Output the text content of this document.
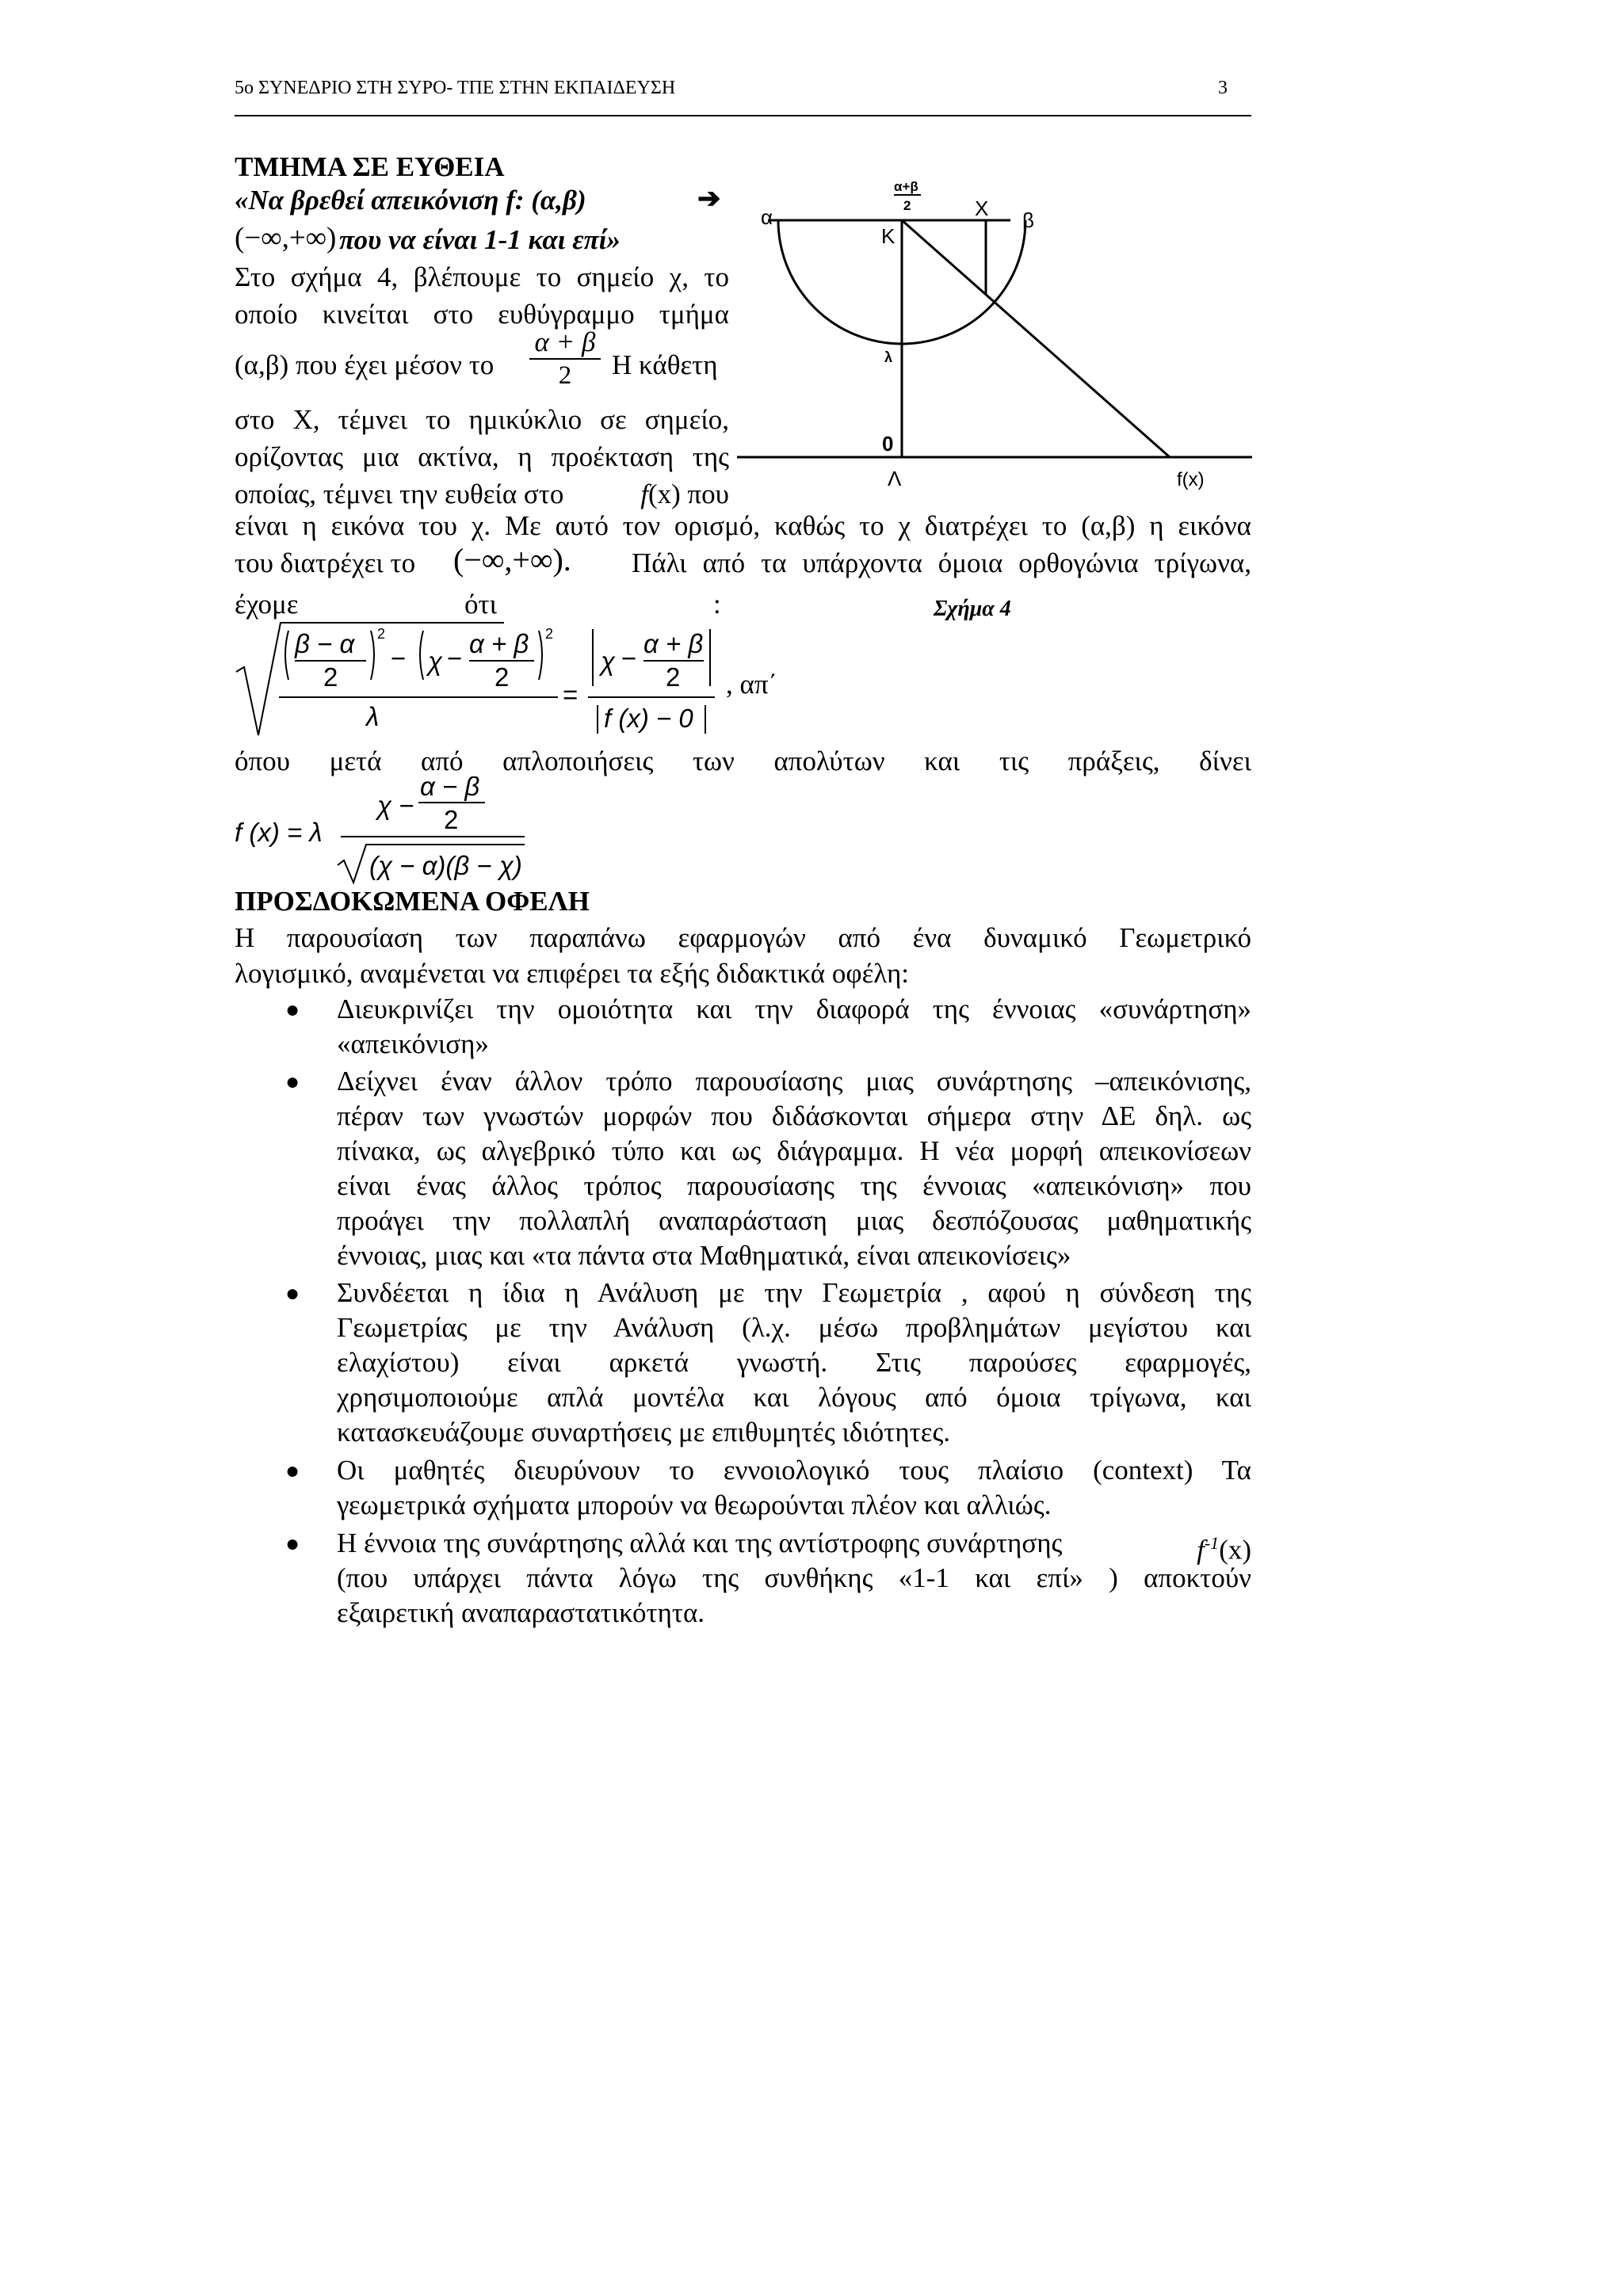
5ο ΣΥΝΕΔΡΙΟ ΣΤΗ ΣΥΡΟ- ΤΠΕ ΣΤΗΝ ΕΚΠΑΙΔΕΥΣΗ	3
ΤΜΗΜΑ ΣΕ ΕΥΘΕΙΑ
«Να βρεθεί απεικόνιση f: (α,β)	➔
(−∞,+∞) που να είναι 1-1 και επί»
Στο σχήμα 4, βλέπουμε το σημείο χ, το
οποίο κινείται στο ευθύγραμμο τμήμα
(α,β) που έχει μέσον το $\frac{\alpha + \beta}{2}$ Η κάθετη
στο Χ, τέμνει το ημικύκλιο σε σημείο,
ορίζοντας μια ακτίνα, η προέκταση της
οποίας, τέμνει την ευθεία στο	f(x) που
α	β
α+β
2	Χ
Κ
λ
0
Λ	f(x)
είναι η εικόνα του χ. Με αυτό τον ορισμό, καθώς το χ διατρέχει το (α,β) η εικόνα
του διατρέχει το (−∞,+∞). Πάλι από τα υπάρχοντα όμοια ορθογώνια τρίγωνα,
έχομε	ότι	:	Σχήμα 4
β − α
2
2
− χ − α + β
2
2
λ
=
χ − α + β
2
f (x) − 0
, απ΄
όπου μετά από απλοποιήσεις των απολύτων και τις πράξεις, δίνει
f (x) = λ
χ −
α − β
2
(χ − α)(β − χ)
ΠΡΟΣΔΟΚΩΜΕΝΑ ΟΦΕΛΗ
Η παρουσίαση των παραπάνω εφαρμογών από ένα δυναμικό Γεωμετρικό
λογισμικό, αναμένεται να επιφέρει τα εξής διδακτικά οφέλη:
● Διευκρινίζει την ομοιότητα και την διαφορά της έννοιας «συνάρτηση»
«απεικόνιση»
● Δείχνει έναν άλλον τρόπο παρουσίασης μιας συνάρτησης –απεικόνισης,
πέραν των γνωστών μορφών που διδάσκονται σήμερα στην ΔΕ δηλ. ως
πίνακα, ως αλγεβρικό τύπο και ως διάγραμμα. Η νέα μορφή απεικονίσεων
είναι ένας άλλος τρόπος παρουσίασης της έννοιας «απεικόνιση» που
προάγει την πολλαπλή αναπαράσταση μιας δεσπόζουσας μαθηματικής
έννοιας, μιας και «τα πάντα στα Μαθηματικά, είναι απεικονίσεις»
● Συνδέεται η ίδια η Ανάλυση με την Γεωμετρία , αφού η σύνδεση της
Γεωμετρίας με την Ανάλυση (λ.χ. μέσω προβλημάτων μεγίστου και
ελαχίστου) είναι αρκετά γνωστή. Στις παρούσες εφαρμογές,
χρησιμοποιούμε απλά μοντέλα και λόγους από όμοια τρίγωνα, και
κατασκευάζουμε συναρτήσεις με επιθυμητές ιδιότητες.
● Οι μαθητές διευρύνουν το εννοιολογικό τους πλαίσιο (context) Τα
γεωμετρικά σχήματα μπορούν να θεωρούνται πλέον και αλλιώς.
● Η έννοια της συνάρτησης αλλά και της αντίστροφης συνάρτησης	$f^{-1}(x)$
(που υπάρχει πάντα λόγω της συνθήκης «1-1 και επί» ) αποκτούν
εξαιρετική αναπαραστατικότητα.
